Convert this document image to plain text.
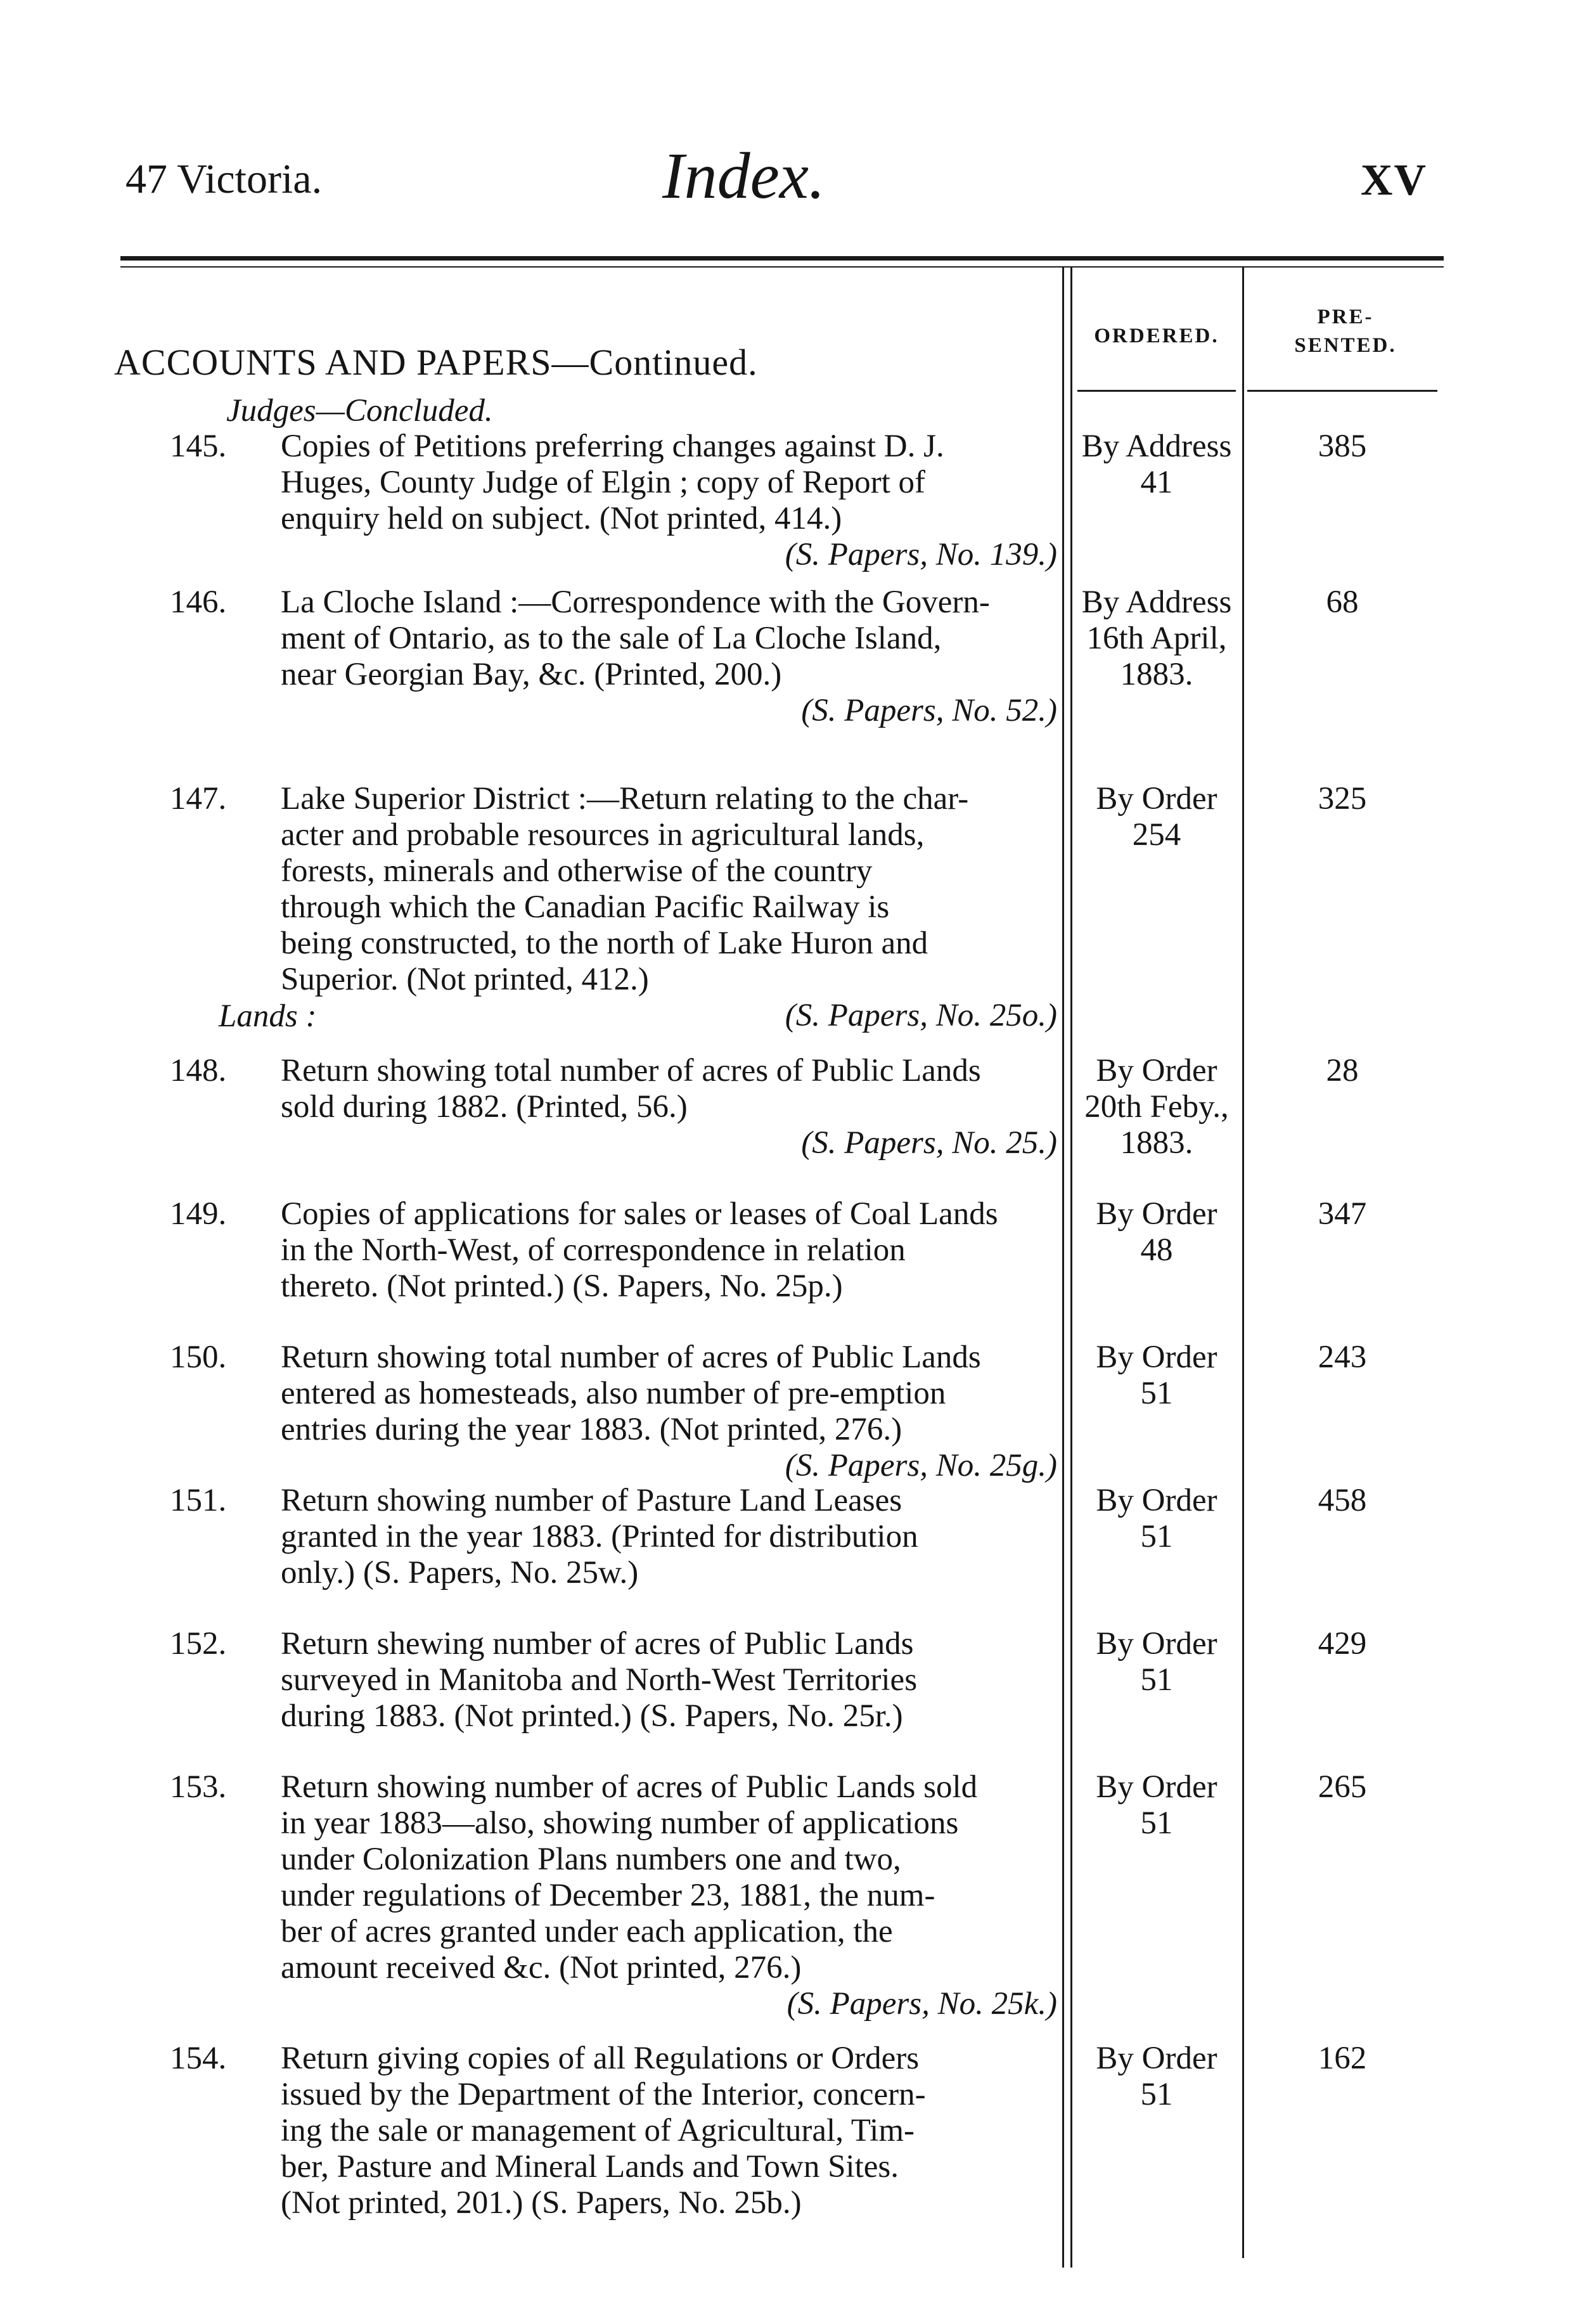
47 Victoria.	Index.	XV
ACCOUNTS AND PAPERS—Continued.
ORDERED.
PRE-
SENTED.
Judges—Concluded.
Lands :
145. Copies of Petitions preferring changes against D. J.
Huges, County Judge of Elgin ; copy of Report of
enquiry held on subject. (Not printed, 414.)
(S. Papers, No. 139.)
By Address
41
385
146. La Cloche Island :—Correspondence with the Govern-
ment of Ontario, as to the sale of La Cloche Island,
near Georgian Bay, &c. (Printed, 200.)
(S. Papers, No. 52.)
By Address
16th April,
1883.
68
147. Lake Superior District :—Return relating to the char-
acter and probable resources in agricultural lands,
forests, minerals and otherwise of the country
through which the Canadian Pacific Railway is
being constructed, to the north of Lake Huron and
Superior. (Not printed, 412.)
(S. Papers, No. 25o.)
By Order
254
325
148. Return showing total number of acres of Public Lands
sold during 1882. (Printed, 56.)
(S. Papers, No. 25.)
By Order
20th Feby.,
1883.
28
149. Copies of applications for sales or leases of Coal Lands
in the North-West, of correspondence in relation
thereto. (Not printed.) (S. Papers, No. 25p.)
By Order
48
347
150. Return showing total number of acres of Public Lands
entered as homesteads, also number of pre-emption
entries during the year 1883. (Not printed, 276.)
(S. Papers, No. 25g.)
By Order
51
243
151. Return showing number of Pasture Land Leases
granted in the year 1883. (Printed for distribution
only.) (S. Papers, No. 25w.)
By Order
51
458
152. Return shewing number of acres of Public Lands
surveyed in Manitoba and North-West Territories
during 1883. (Not printed.) (S. Papers, No. 25r.)
By Order
51
429
153. Return showing number of acres of Public Lands sold
in year 1883—also, showing number of applications
under Colonization Plans numbers one and two,
under regulations of December 23, 1881, the num-
ber of acres granted under each application, the
amount received &c. (Not printed, 276.)
(S. Papers, No. 25k.)
By Order
51
265
154. Return giving copies of all Regulations or Orders
issued by the Department of the Interior, concern-
ing the sale or management of Agricultural, Tim-
ber, Pasture and Mineral Lands and Town Sites.
(Not printed, 201.) (S. Papers, No. 25b.)
By Order
51
162
